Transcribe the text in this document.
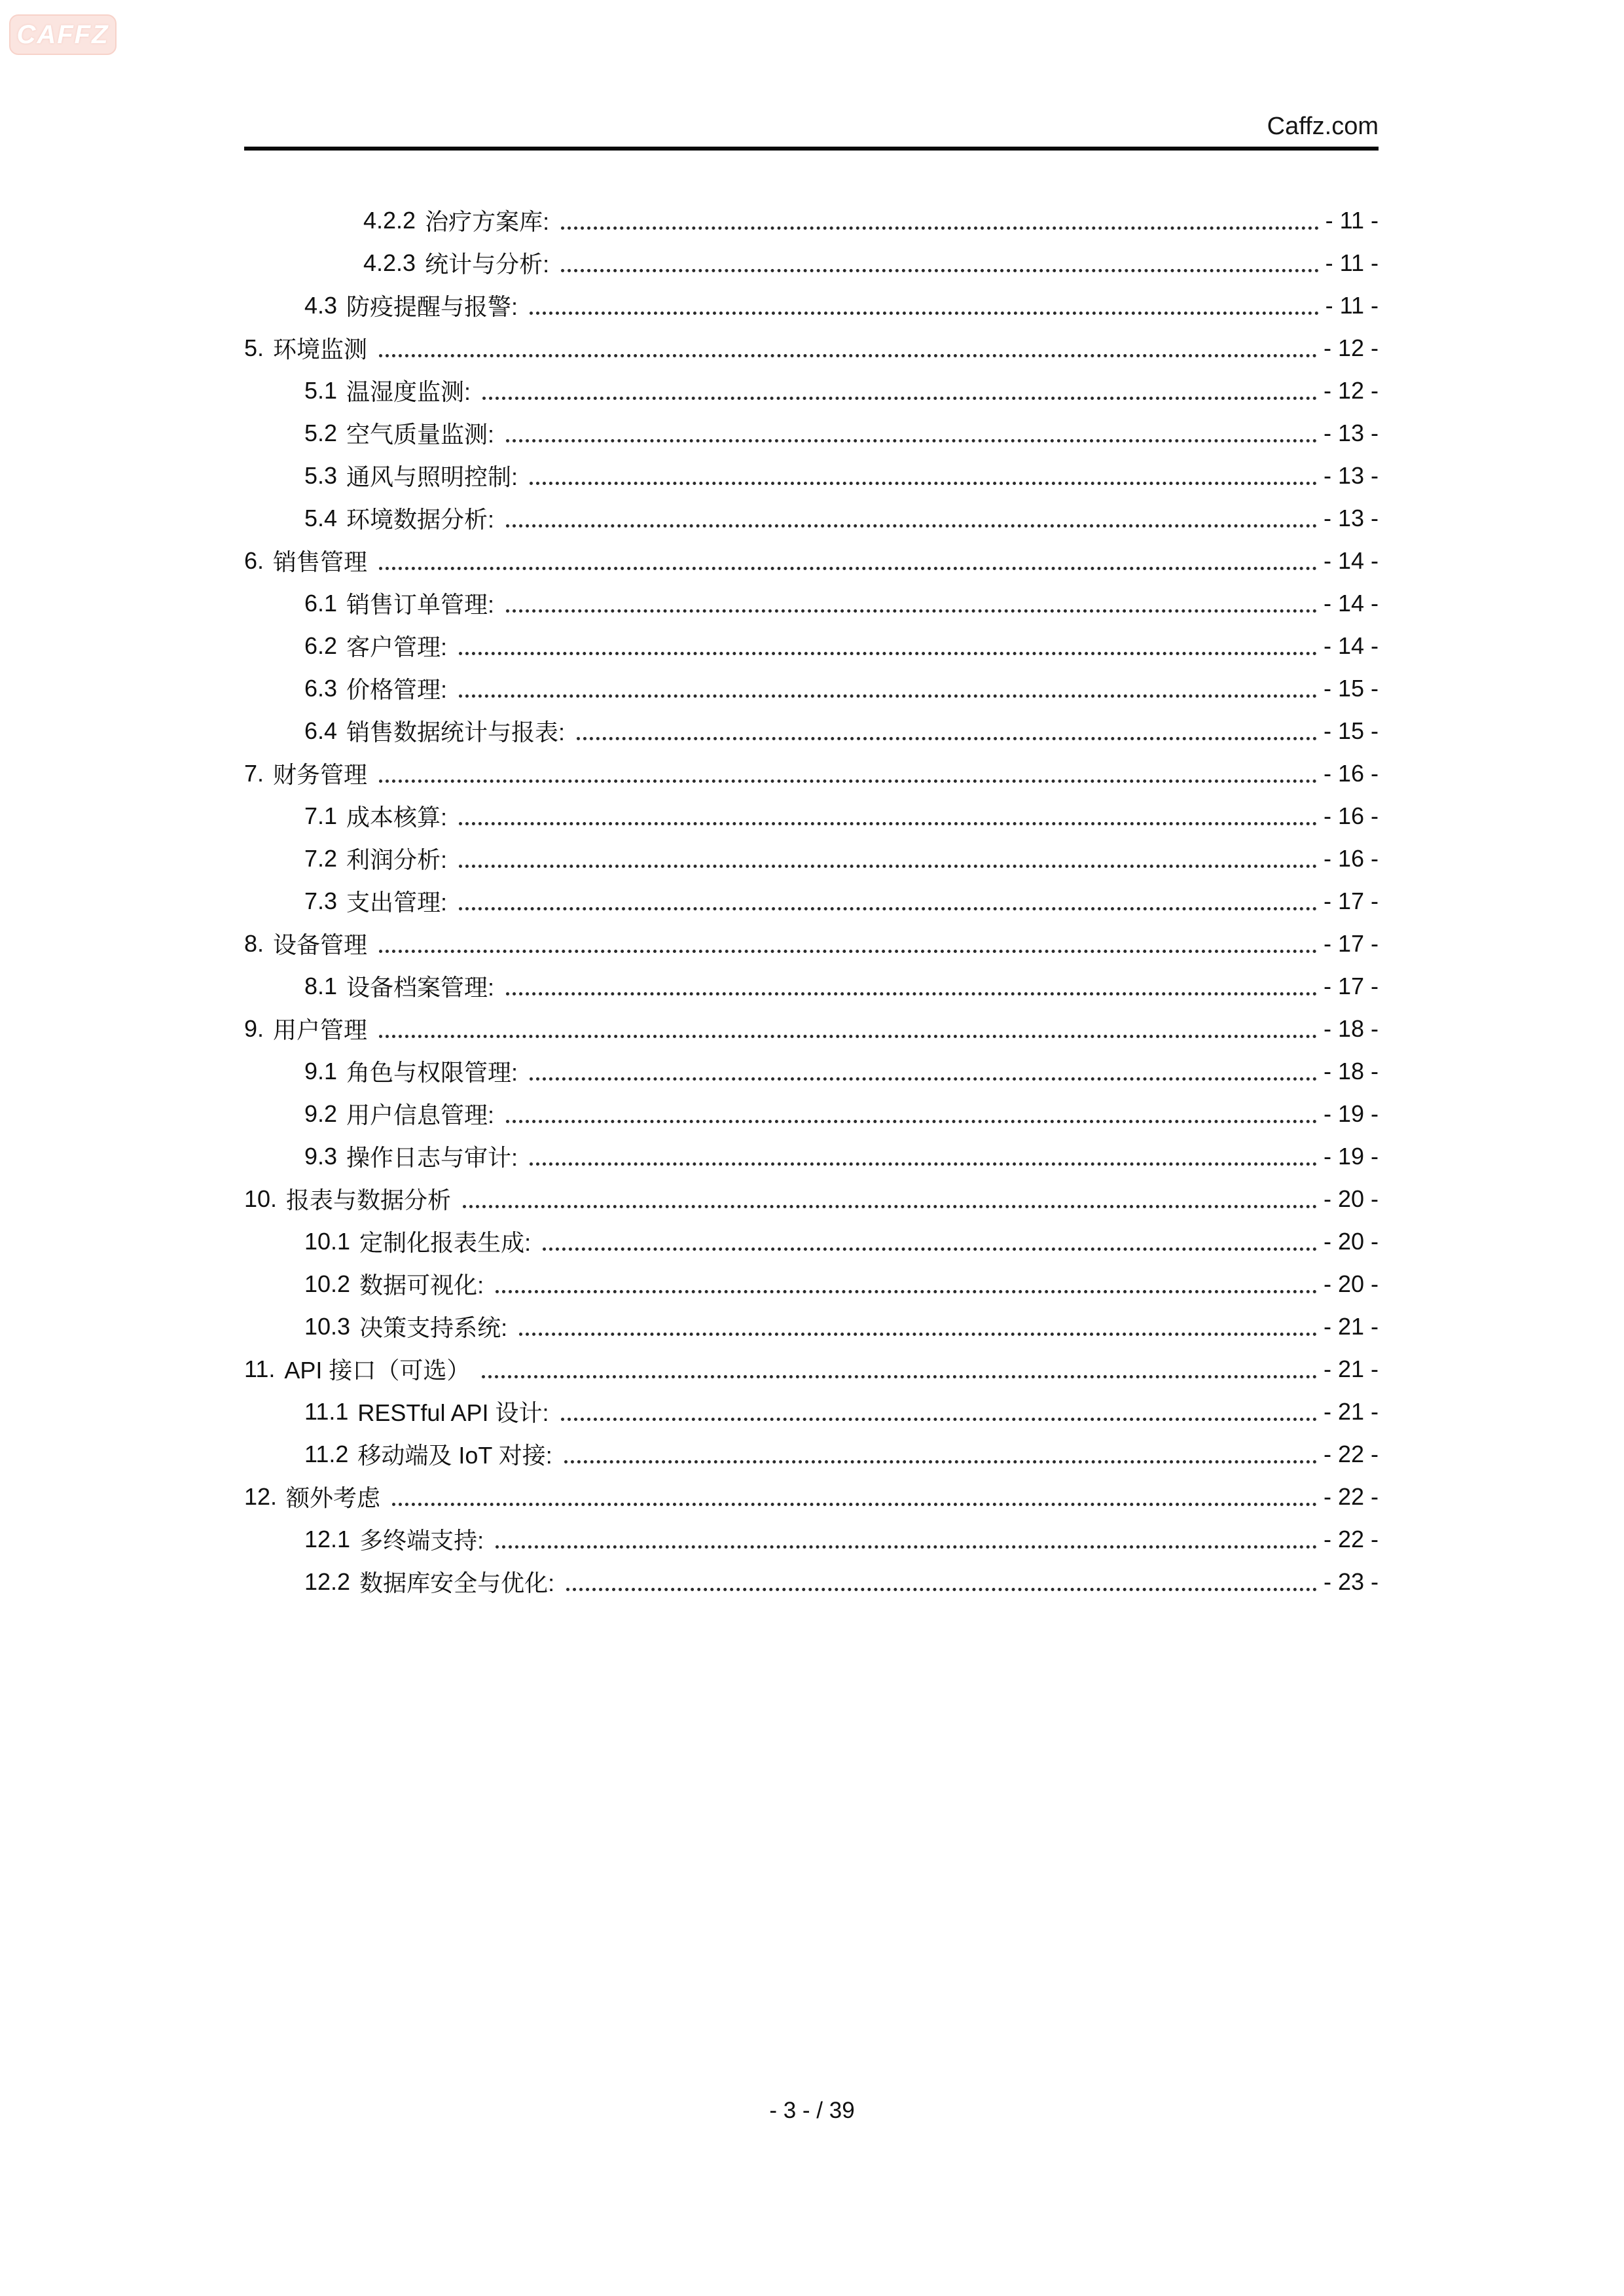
CAFFZ
Caffz.com
4.2.2 治疗方案库:	- 11 -
4.2.3 统计与分析:	- 11 -
4.3 防疫提醒与报警:	- 11 -
5. 环境监测	- 12 -
5.1 温湿度监测:	- 12 -
5.2 空气质量监测:	- 13 -
5.3 通风与照明控制:	- 13 -
5.4 环境数据分析:	- 13 -
6. 销售管理	- 14 -
6.1 销售订单管理:	- 14 -
6.2 客户管理:	- 14 -
6.3 价格管理:	- 15 -
6.4 销售数据统计与报表:	- 15 -
7. 财务管理	- 16 -
7.1 成本核算:	- 16 -
7.2 利润分析:	- 16 -
7.3 支出管理:	- 17 -
8. 设备管理	- 17 -
8.1 设备档案管理:	- 17 -
9. 用户管理	- 18 -
9.1 角色与权限管理:	- 18 -
9.2 用户信息管理:	- 19 -
9.3 操作日志与审计:	- 19 -
10. 报表与数据分析	- 20 -
10.1 定制化报表生成:	- 20 -
10.2 数据可视化:	- 20 -
10.3 决策支持系统:	- 21 -
11. API 接口（可选）	- 21 -
11.1 RESTful API 设计:	- 21 -
11.2 移动端及 IoT 对接:	- 22 -
12. 额外考虑	- 22 -
12.1 多终端支持:	- 22 -
12.2 数据库安全与优化:	- 23 -
- 3 - / 39
